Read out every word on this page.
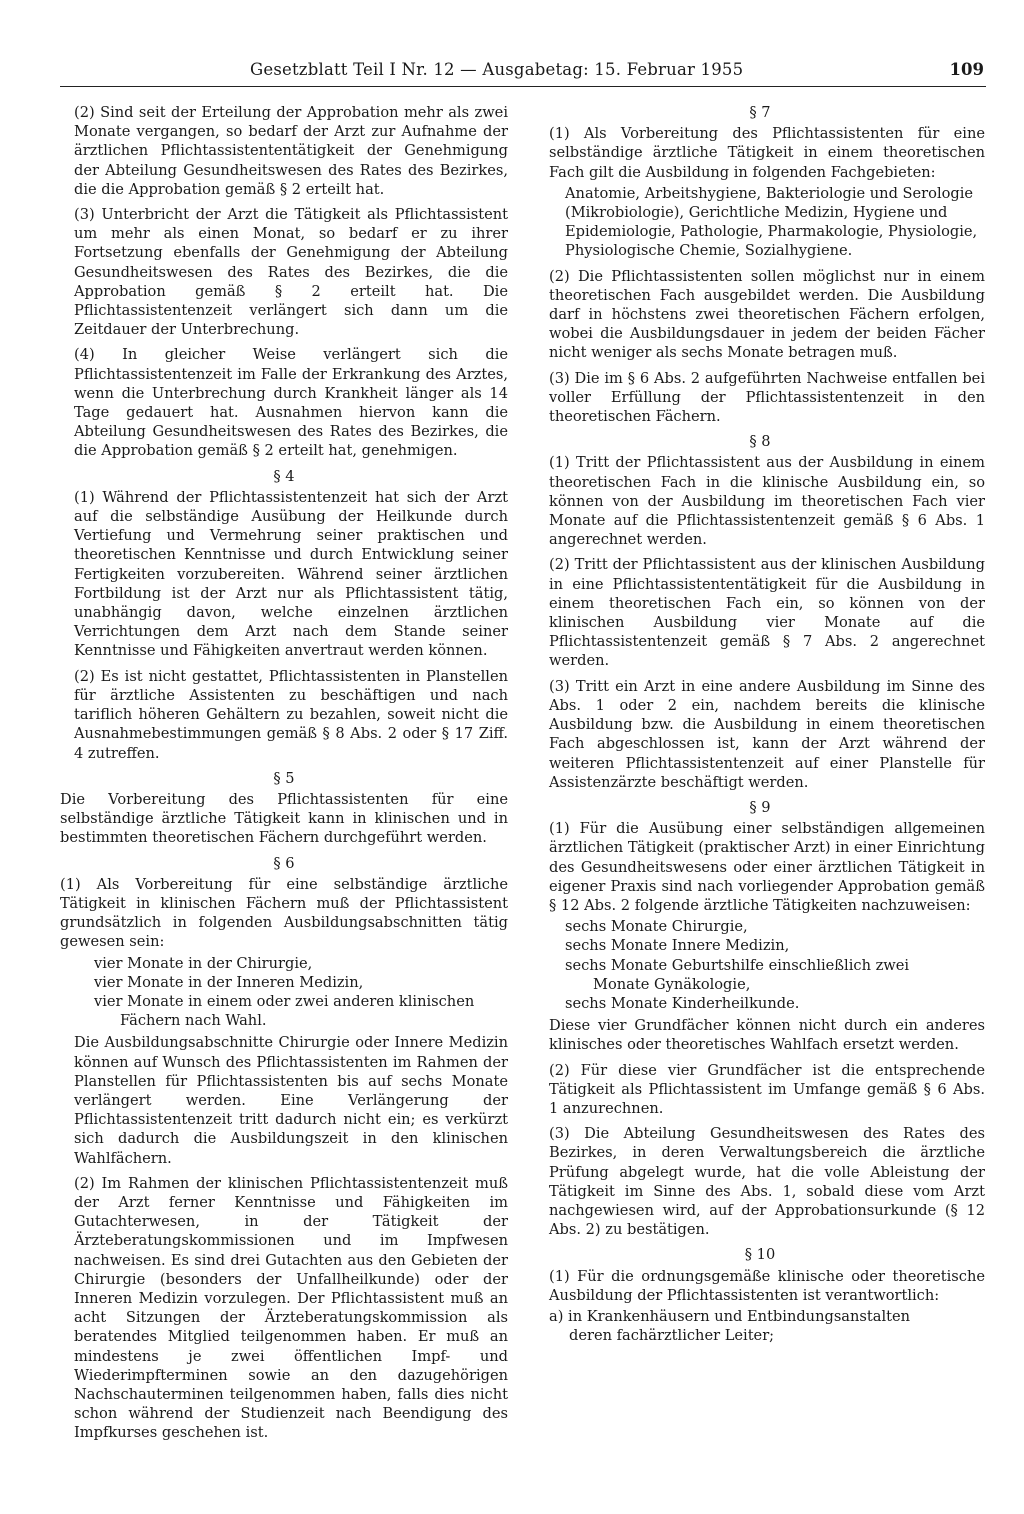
Gesetzblatt Teil I Nr. 12 — Ausgabetag: 15. Februar 1955	109

(2) Sind seit der Erteilung der Approbation mehr als zwei Monate vergangen, so bedarf der Arzt zur Aufnahme der ärztlichen Pflichtassistententätigkeit der Genehmigung der Abteilung Gesundheitswesen des Rates des Bezirkes, die die Approbation gemäß § 2 erteilt hat.

(3) Unterbricht der Arzt die Tätigkeit als Pflichtassistent um mehr als einen Monat, so bedarf er zu ihrer Fortsetzung ebenfalls der Genehmigung der Abteilung Gesundheitswesen des Rates des Bezirkes, die die Approbation gemäß § 2 erteilt hat. Die Pflichtassistentenzeit verlängert sich dann um die Zeitdauer der Unterbrechung.

(4) In gleicher Weise verlängert sich die Pflichtassistentenzeit im Falle der Erkrankung des Arztes, wenn die Unterbrechung durch Krankheit länger als 14 Tage gedauert hat. Ausnahmen hiervon kann die Abteilung Gesundheitswesen des Rates des Bezirkes, die die Approbation gemäß § 2 erteilt hat, genehmigen.

§ 4

(1) Während der Pflichtassistentenzeit hat sich der Arzt auf die selbständige Ausübung der Heilkunde durch Vertiefung und Vermehrung seiner praktischen und theoretischen Kenntnisse und durch Entwicklung seiner Fertigkeiten vorzubereiten. Während seiner ärztlichen Fortbildung ist der Arzt nur als Pflichtassistent tätig, unabhängig davon, welche einzelnen ärztlichen Verrichtungen dem Arzt nach dem Stande seiner Kenntnisse und Fähigkeiten anvertraut werden können.

(2) Es ist nicht gestattet, Pflichtassistenten in Planstellen für ärztliche Assistenten zu beschäftigen und nach tariflich höheren Gehältern zu bezahlen, soweit nicht die Ausnahmebestimmungen gemäß § 8 Abs. 2 oder § 17 Ziff. 4 zutreffen.

§ 5

Die Vorbereitung des Pflichtassistenten für eine selbständige ärztliche Tätigkeit kann in klinischen und in bestimmten theoretischen Fächern durchgeführt werden.

§ 6

(1) Als Vorbereitung für eine selbständige ärztliche Tätigkeit in klinischen Fächern muß der Pflichtassistent grundsätzlich in folgenden Ausbildungsabschnitten tätig gewesen sein:

vier Monate in der Chirurgie,
vier Monate in der Inneren Medizin,
vier Monate in einem oder zwei anderen klinischen
Fächern nach Wahl.

Die Ausbildungsabschnitte Chirurgie oder Innere Medizin können auf Wunsch des Pflichtassistenten im Rahmen der Planstellen für Pflichtassistenten bis auf sechs Monate verlängert werden. Eine Verlängerung der Pflichtassistentenzeit tritt dadurch nicht ein; es verkürzt sich dadurch die Ausbildungszeit in den klinischen Wahlfächern.

(2) Im Rahmen der klinischen Pflichtassistentenzeit muß der Arzt ferner Kenntnisse und Fähigkeiten im Gutachterwesen, in der Tätigkeit der Ärzteberatungskommissionen und im Impfwesen nachweisen. Es sind drei Gutachten aus den Gebieten der Chirurgie (besonders der Unfallheilkunde) oder der Inneren Medizin vorzulegen. Der Pflichtassistent muß an acht Sitzungen der Ärzteberatungskommission als beratendes Mitglied teilgenommen haben. Er muß an mindestens je zwei öffentlichen Impf- und Wiederimpfterminen sowie an den dazugehörigen Nachschauterminen teilgenommen haben, falls dies nicht schon während der Studienzeit nach Beendigung des Impfkurses geschehen ist.

§ 7

(1) Als Vorbereitung des Pflichtassistenten für eine selbständige ärztliche Tätigkeit in einem theoretischen Fach gilt die Ausbildung in folgenden Fachgebieten:

Anatomie, Arbeitshygiene, Bakteriologie und Serologie (Mikrobiologie), Gerichtliche Medizin, Hygiene und Epidemiologie, Pathologie, Pharmakologie, Physiologie, Physiologische Chemie, Sozialhygiene.

(2) Die Pflichtassistenten sollen möglichst nur in einem theoretischen Fach ausgebildet werden. Die Ausbildung darf in höchstens zwei theoretischen Fächern erfolgen, wobei die Ausbildungsdauer in jedem der beiden Fächer nicht weniger als sechs Monate betragen muß.

(3) Die im § 6 Abs. 2 aufgeführten Nachweise entfallen bei voller Erfüllung der Pflichtassistentenzeit in den theoretischen Fächern.

§ 8

(1) Tritt der Pflichtassistent aus der Ausbildung in einem theoretischen Fach in die klinische Ausbildung ein, so können von der Ausbildung im theoretischen Fach vier Monate auf die Pflichtassistentenzeit gemäß § 6 Abs. 1 angerechnet werden.

(2) Tritt der Pflichtassistent aus der klinischen Ausbildung in eine Pflichtassistententätigkeit für die Ausbildung in einem theoretischen Fach ein, so können von der klinischen Ausbildung vier Monate auf die Pflichtassistentenzeit gemäß § 7 Abs. 2 angerechnet werden.

(3) Tritt ein Arzt in eine andere Ausbildung im Sinne des Abs. 1 oder 2 ein, nachdem bereits die klinische Ausbildung bzw. die Ausbildung in einem theoretischen Fach abgeschlossen ist, kann der Arzt während der weiteren Pflichtassistentenzeit auf einer Planstelle für Assistenzärzte beschäftigt werden.

§ 9

(1) Für die Ausübung einer selbständigen allgemeinen ärztlichen Tätigkeit (praktischer Arzt) in einer Einrichtung des Gesundheitswesens oder einer ärztlichen Tätigkeit in eigener Praxis sind nach vorliegender Approbation gemäß § 12 Abs. 2 folgende ärztliche Tätigkeiten nachzuweisen:

sechs Monate Chirurgie,
sechs Monate Innere Medizin,
sechs Monate Geburtshilfe einschließlich zwei
Monate Gynäkologie,
sechs Monate Kinderheilkunde.

Diese vier Grundfächer können nicht durch ein anderes klinisches oder theoretisches Wahlfach ersetzt werden.

(2) Für diese vier Grundfächer ist die entsprechende Tätigkeit als Pflichtassistent im Umfange gemäß § 6 Abs. 1 anzurechnen.

(3) Die Abteilung Gesundheitswesen des Rates des Bezirkes, in deren Verwaltungsbereich die ärztliche Prüfung abgelegt wurde, hat die volle Ableistung der Tätigkeit im Sinne des Abs. 1, sobald diese vom Arzt nachgewiesen wird, auf der Approbationsurkunde (§ 12 Abs. 2) zu bestätigen.

§ 10

(1) Für die ordnungsgemäße klinische oder theoretische Ausbildung der Pflichtassistenten ist verantwortlich:

a) in Krankenhäusern und Entbindungsanstalten
deren fachärztlicher Leiter;
